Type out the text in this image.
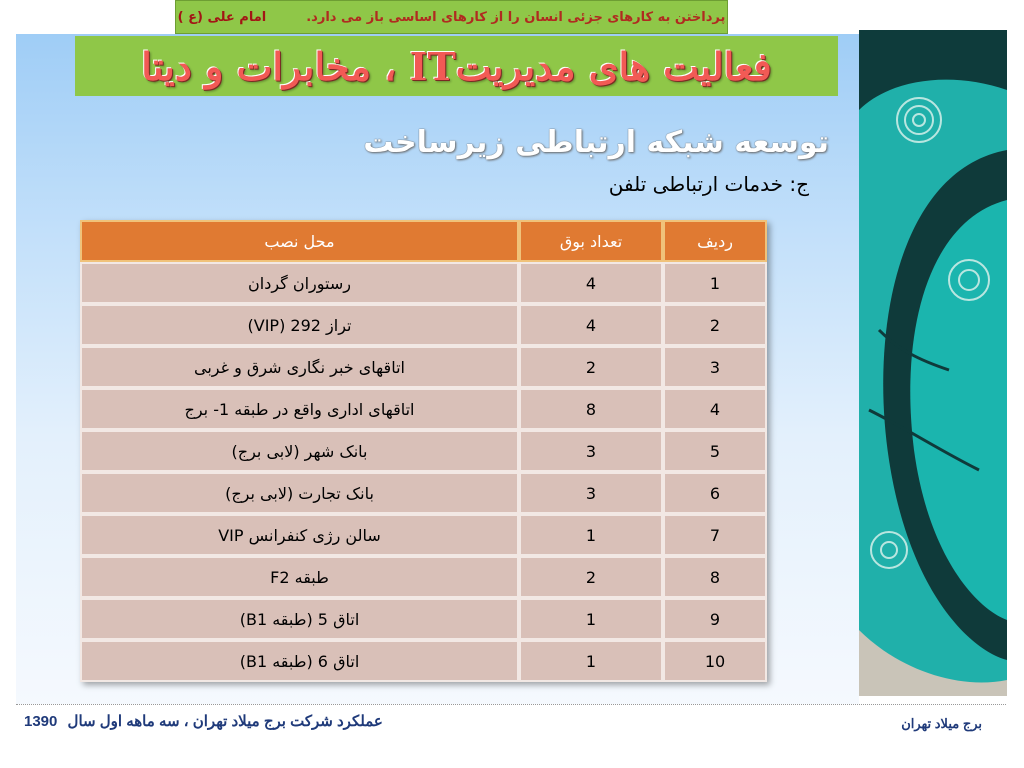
پرداختن به کارهای جزئی انسان را از کارهای اساسی باز می دارد.
امام علی (ع )
فعالیت های مدیریتIT ، مخابرات و دیتا
توسعه شبکه ارتباطی زیرساخت
ج: خدمات ارتباطی تلفن
ردیف	تعداد بوق	محل نصب
1	4	رستوران گردان
2	4	تراز 292 (VIP)
3	2	اتاقهای خبر نگاری شرق و غربی
4	8	اتاقهای اداری واقع در طبقه 1- برج
5	3	بانک شهر (لابی برج)
6	3	بانک تجارت (لابی برج)
7	1	سالن رژی کنفرانس VIP
8	2	طبقه F2
9	1	اتاق 5 (طبقه B1)
10	1	اتاق 6 (طبقه B1)
عملکرد شرکت برج میلاد تهران ، سه ماهه اول سال 1390	برج میلاد تهران
